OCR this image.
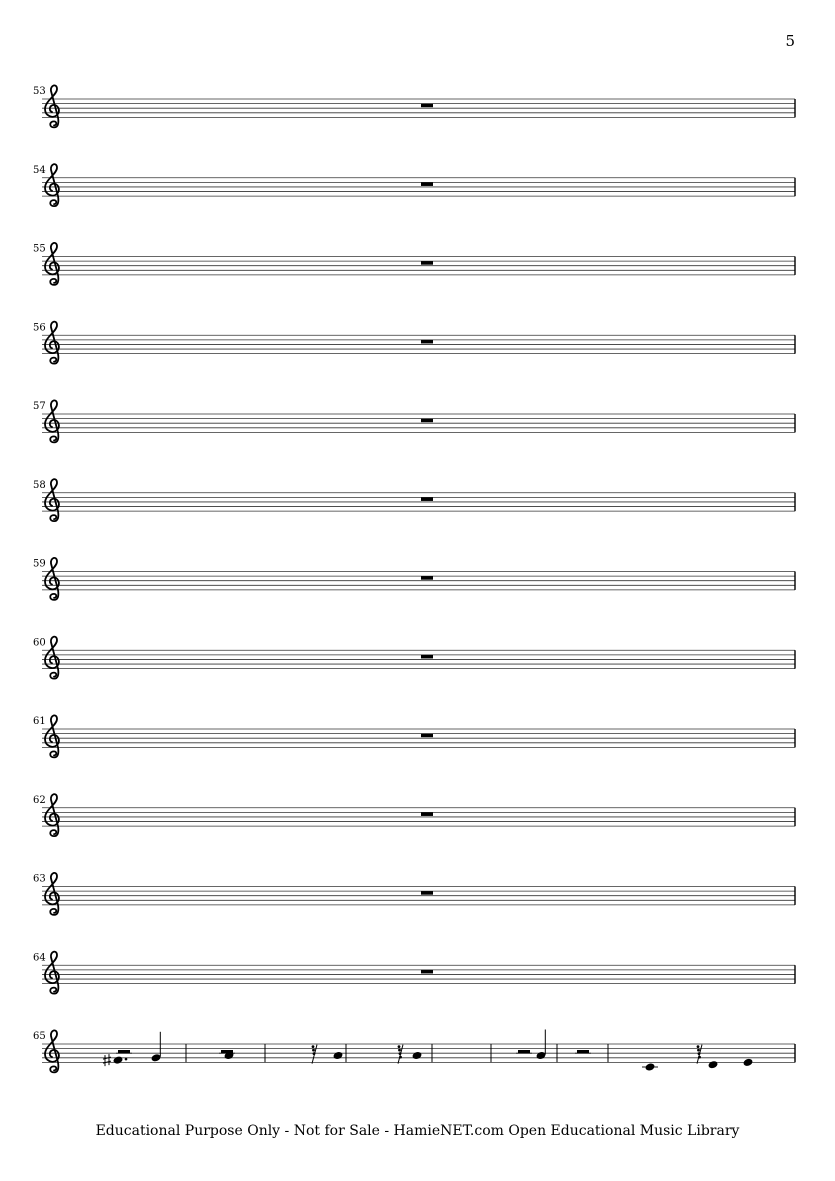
5
53
54
55
56
57
58
59
60
61
62
63
64
65
Educational Purpose Only - Not for Sale - HamieNET.com Open Educational Music Library
